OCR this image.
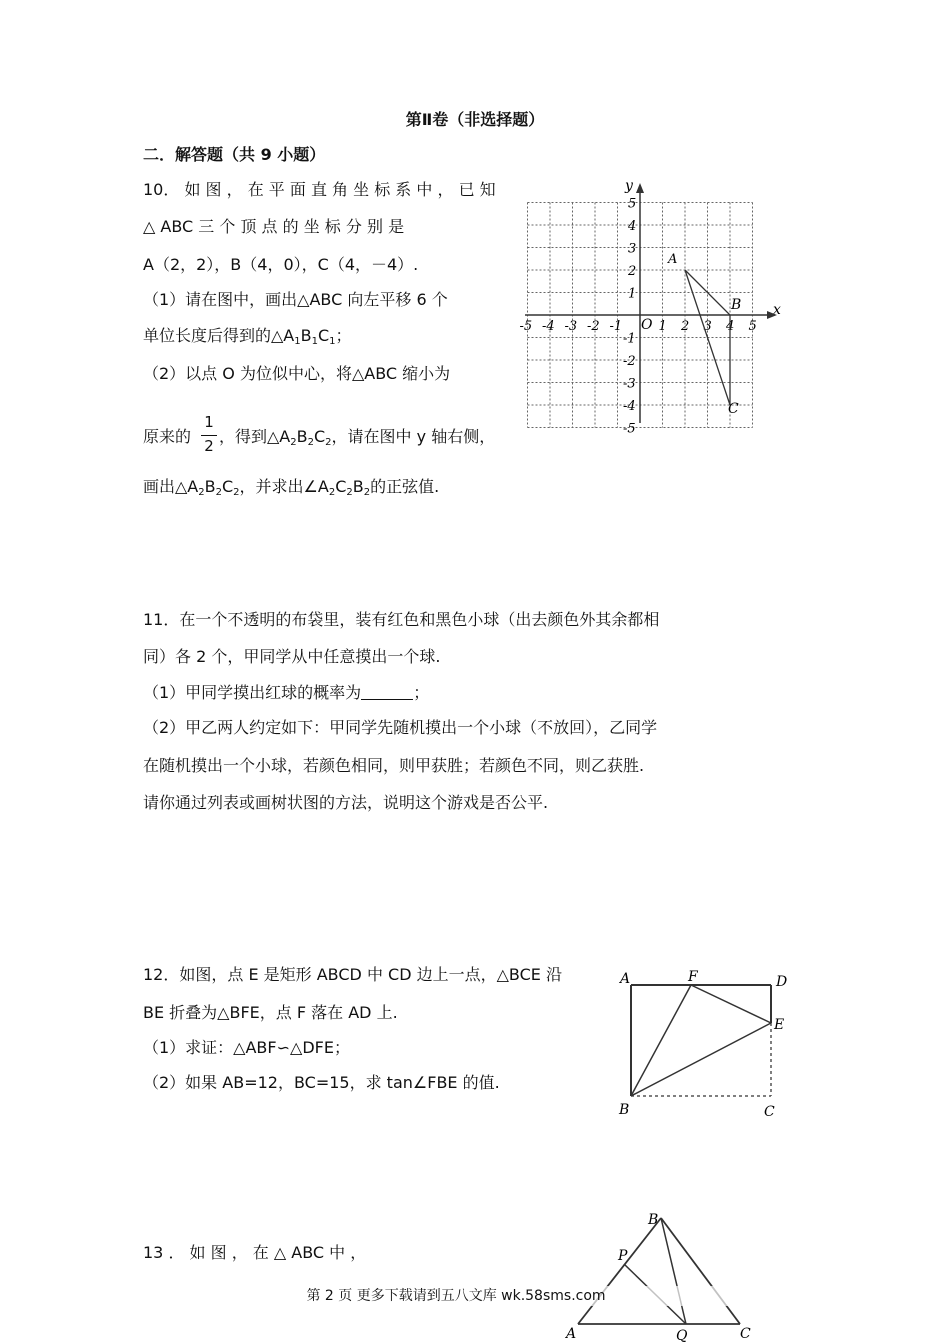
第Ⅱ卷（非选择题）
二．解答题（共 9 小题）
10． 如 图 ， 在 平 面 直 角 坐 标 系 中 ， 已 知
△ ABC 三 个 顶 点 的 坐 标 分 别 是
A（2，2），B（4，0），C（4，－4）.
（1）请在图中，画出△ABC 向左平移 6 个
单位长度后得到的$\triangle A_1B_1C_1$；
（2）以点 O 为位似中心，将△ABC 缩小为
原来的
1
2 ，得到$\triangle A_2B_2C_2$，请在图中 y 轴右侧，
画出$\triangle A_2B_2C_2$，并求出$\angle A_2C_2B_2$的正弦值.
x
y
O
-5 -4 -3 -2 -1	1 2 3 4 5
5
4
3
2
1
-1
-2
-3
-4
-5
A
B
C
11．在一个不透明的布袋里，装有红色和黑色小球（出去颜色外其余都相
同）各 2 个，甲同学从中任意摸出一个球.
（1）甲同学摸出红球的概率为	；
（2）甲乙两人约定如下：甲同学先随机摸出一个小球（不放回），乙同学
在随机摸出一个小球，若颜色相同，则甲获胜；若颜色不同，则乙获胜.
请你通过列表或画树状图的方法，说明这个游戏是否公平.
12．如图，点 E 是矩形 ABCD 中 CD 边上一点，△BCE 沿
BE 折叠为△BFE，点 F 落在 AD 上.
（1）求证：△ABF∽△DFE；
（2）如果 AB=12，BC=15，求 tan∠FBE 的值.
A	F	D
E
B	C
13 ． 如 图 ， 在 △ ABC 中 ，
B
P
A	Q	C
第 2 页 更多下载请到五八文库 wk.58sms.com
